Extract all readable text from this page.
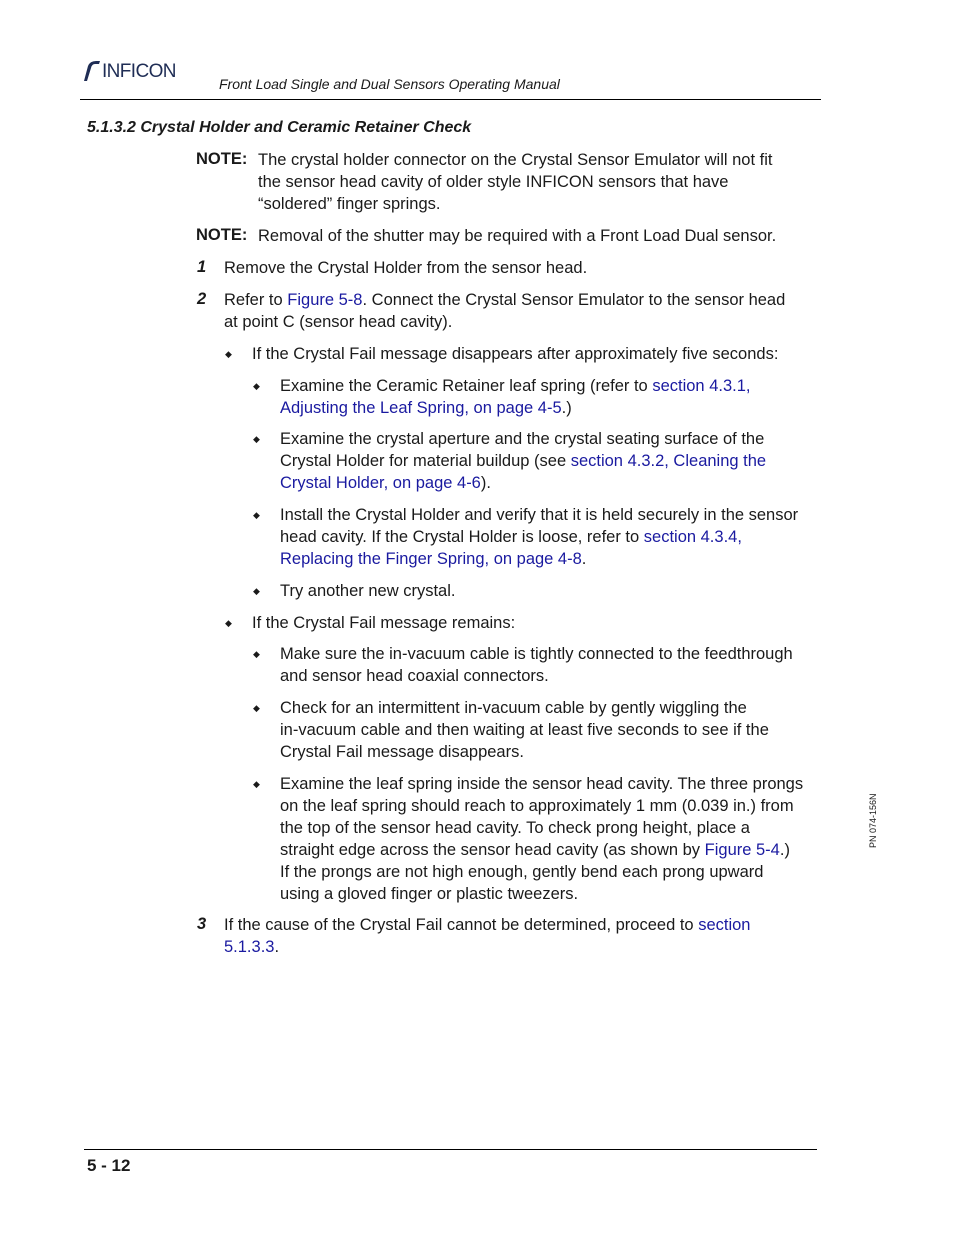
INFICON
Front Load Single and Dual Sensors Operating Manual
5.1.3.2 Crystal Holder and Ceramic Retainer Check
NOTE: The crystal holder connector on the Crystal Sensor Emulator will not fit
the sensor head cavity of older style INFICON sensors that have
“soldered” finger springs.
NOTE: Removal of the shutter may be required with a Front Load Dual sensor.
1 Remove the Crystal Holder from the sensor head.
2 Refer to Figure 5-8. Connect the Crystal Sensor Emulator to the sensor head
at point C (sensor head cavity).
◆ If the Crystal Fail message disappears after approximately five seconds:
◆ Examine the Ceramic Retainer leaf spring (refer to section 4.3.1,
Adjusting the Leaf Spring, on page 4-5.)
◆ Examine the crystal aperture and the crystal seating surface of the
Crystal Holder for material buildup (see section 4.3.2, Cleaning the
Crystal Holder, on page 4-6).
◆ Install the Crystal Holder and verify that it is held securely in the sensor
head cavity. If the Crystal Holder is loose, refer to section 4.3.4,
Replacing the Finger Spring, on page 4-8.
◆ Try another new crystal.
◆ If the Crystal Fail message remains:
◆ Make sure the in-vacuum cable is tightly connected to the feedthrough
and sensor head coaxial connectors.
◆ Check for an intermittent in-vacuum cable by gently wiggling the
in-vacuum cable and then waiting at least five seconds to see if the
Crystal Fail message disappears.
◆ Examine the leaf spring inside the sensor head cavity. The three prongs
on the leaf spring should reach to approximately 1 mm (0.039 in.) from
the top of the sensor head cavity. To check prong height, place a
straight edge across the sensor head cavity (as shown by Figure 5-4.)
If the prongs are not high enough, gently bend each prong upward
using a gloved finger or plastic tweezers.
3 If the cause of the Crystal Fail cannot be determined, proceed to section
5.1.3.3.
PN 074-156N
5 - 12
